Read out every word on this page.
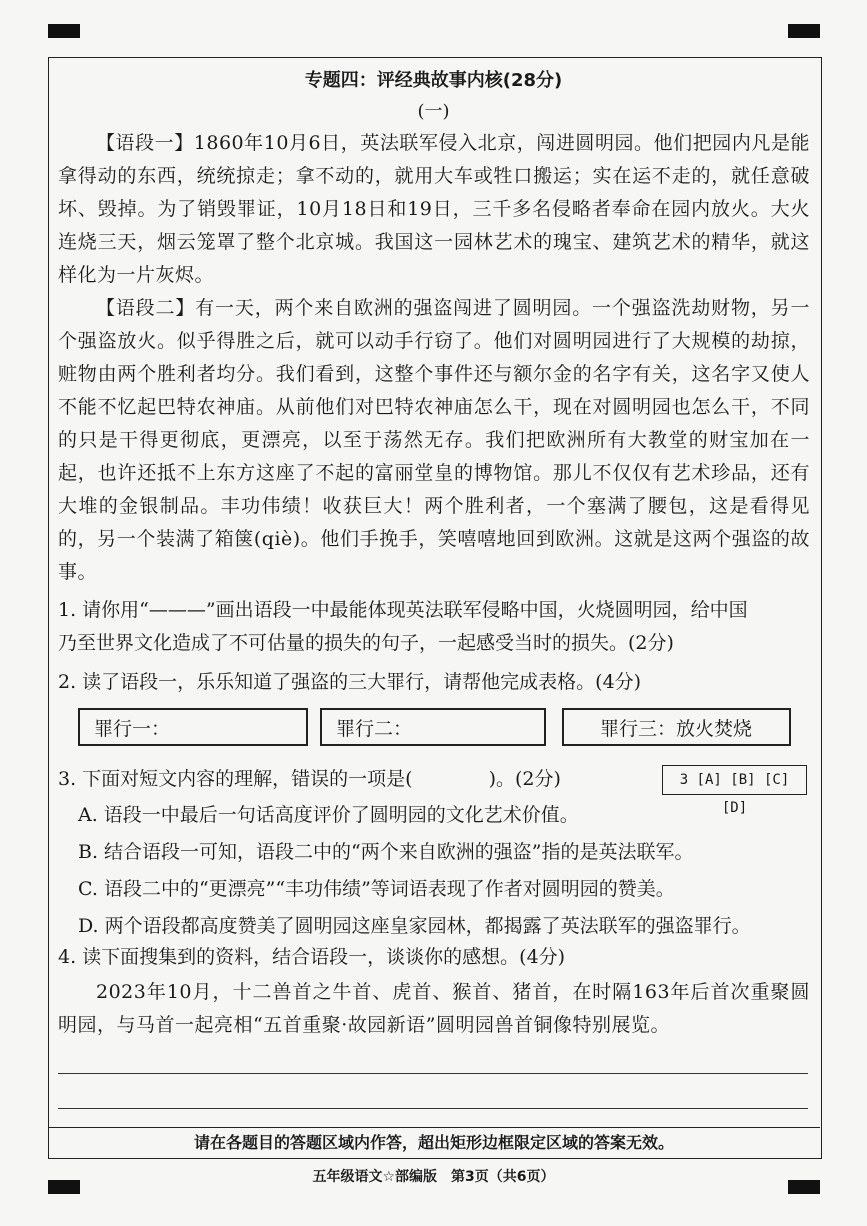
专题四：评经典故事内核(28分)
(一)

【语段一】1860年10月6日，英法联军侵入北京，闯进圆明园。他们把园内凡是能拿得动的东西，统统掠走；拿不动的，就用大车或牲口搬运；实在运不走的，就任意破坏、毁掉。为了销毁罪证，10月18日和19日，三千多名侵略者奉命在园内放火。大火连烧三天，烟云笼罩了整个北京城。我国这一园林艺术的瑰宝、建筑艺术的精华，就这样化为一片灰烬。

【语段二】有一天，两个来自欧洲的强盗闯进了圆明园。一个强盗洗劫财物，另一个强盗放火。似乎得胜之后，就可以动手行窃了。他们对圆明园进行了大规模的劫掠，赃物由两个胜利者均分。我们看到，这整个事件还与额尔金的名字有关，这名字又使人不能不忆起巴特农神庙。从前他们对巴特农神庙怎么干，现在对圆明园也怎么干，不同的只是干得更彻底，更漂亮，以至于荡然无存。我们把欧洲所有大教堂的财宝加在一起，也许还抵不上东方这座了不起的富丽堂皇的博物馆。那儿不仅仅有艺术珍品，还有大堆的金银制品。丰功伟绩！收获巨大！两个胜利者，一个塞满了腰包，这是看得见的，另一个装满了箱箧(qiè)。他们手挽手，笑嘻嘻地回到欧洲。这就是这两个强盗的故事。

1. 请你用“———”画出语段一中最能体现英法联军侵略中国，火烧圆明园，给中国
乃至世界文化造成了不可估量的损失的句子，一起感受当时的损失。(2分)
2. 读了语段一，乐乐知道了强盗的三大罪行，请帮他完成表格。(4分)
罪行一：	罪行二：	罪行三：放火焚烧
3. 下面对短文内容的理解，错误的一项是(　　　　)。(2分)	3 [A] [B] [C] [D]
A. 语段一中最后一句话高度评价了圆明园的文化艺术价值。
B. 结合语段一可知，语段二中的“两个来自欧洲的强盗”指的是英法联军。
C. 语段二中的“更漂亮”“丰功伟绩”等词语表现了作者对圆明园的赞美。
D. 两个语段都高度赞美了圆明园这座皇家园林，都揭露了英法联军的强盗罪行。
4. 读下面搜集到的资料，结合语段一，谈谈你的感想。(4分)

2023年10月，十二兽首之牛首、虎首、猴首、猪首，在时隔163年后首次重聚圆明园，与马首一起亮相“五首重聚·故园新语”圆明园兽首铜像特别展览。

请在各题目的答题区域内作答，超出矩形边框限定区域的答案无效。
五年级语文☆部编版　第3页（共6页）
